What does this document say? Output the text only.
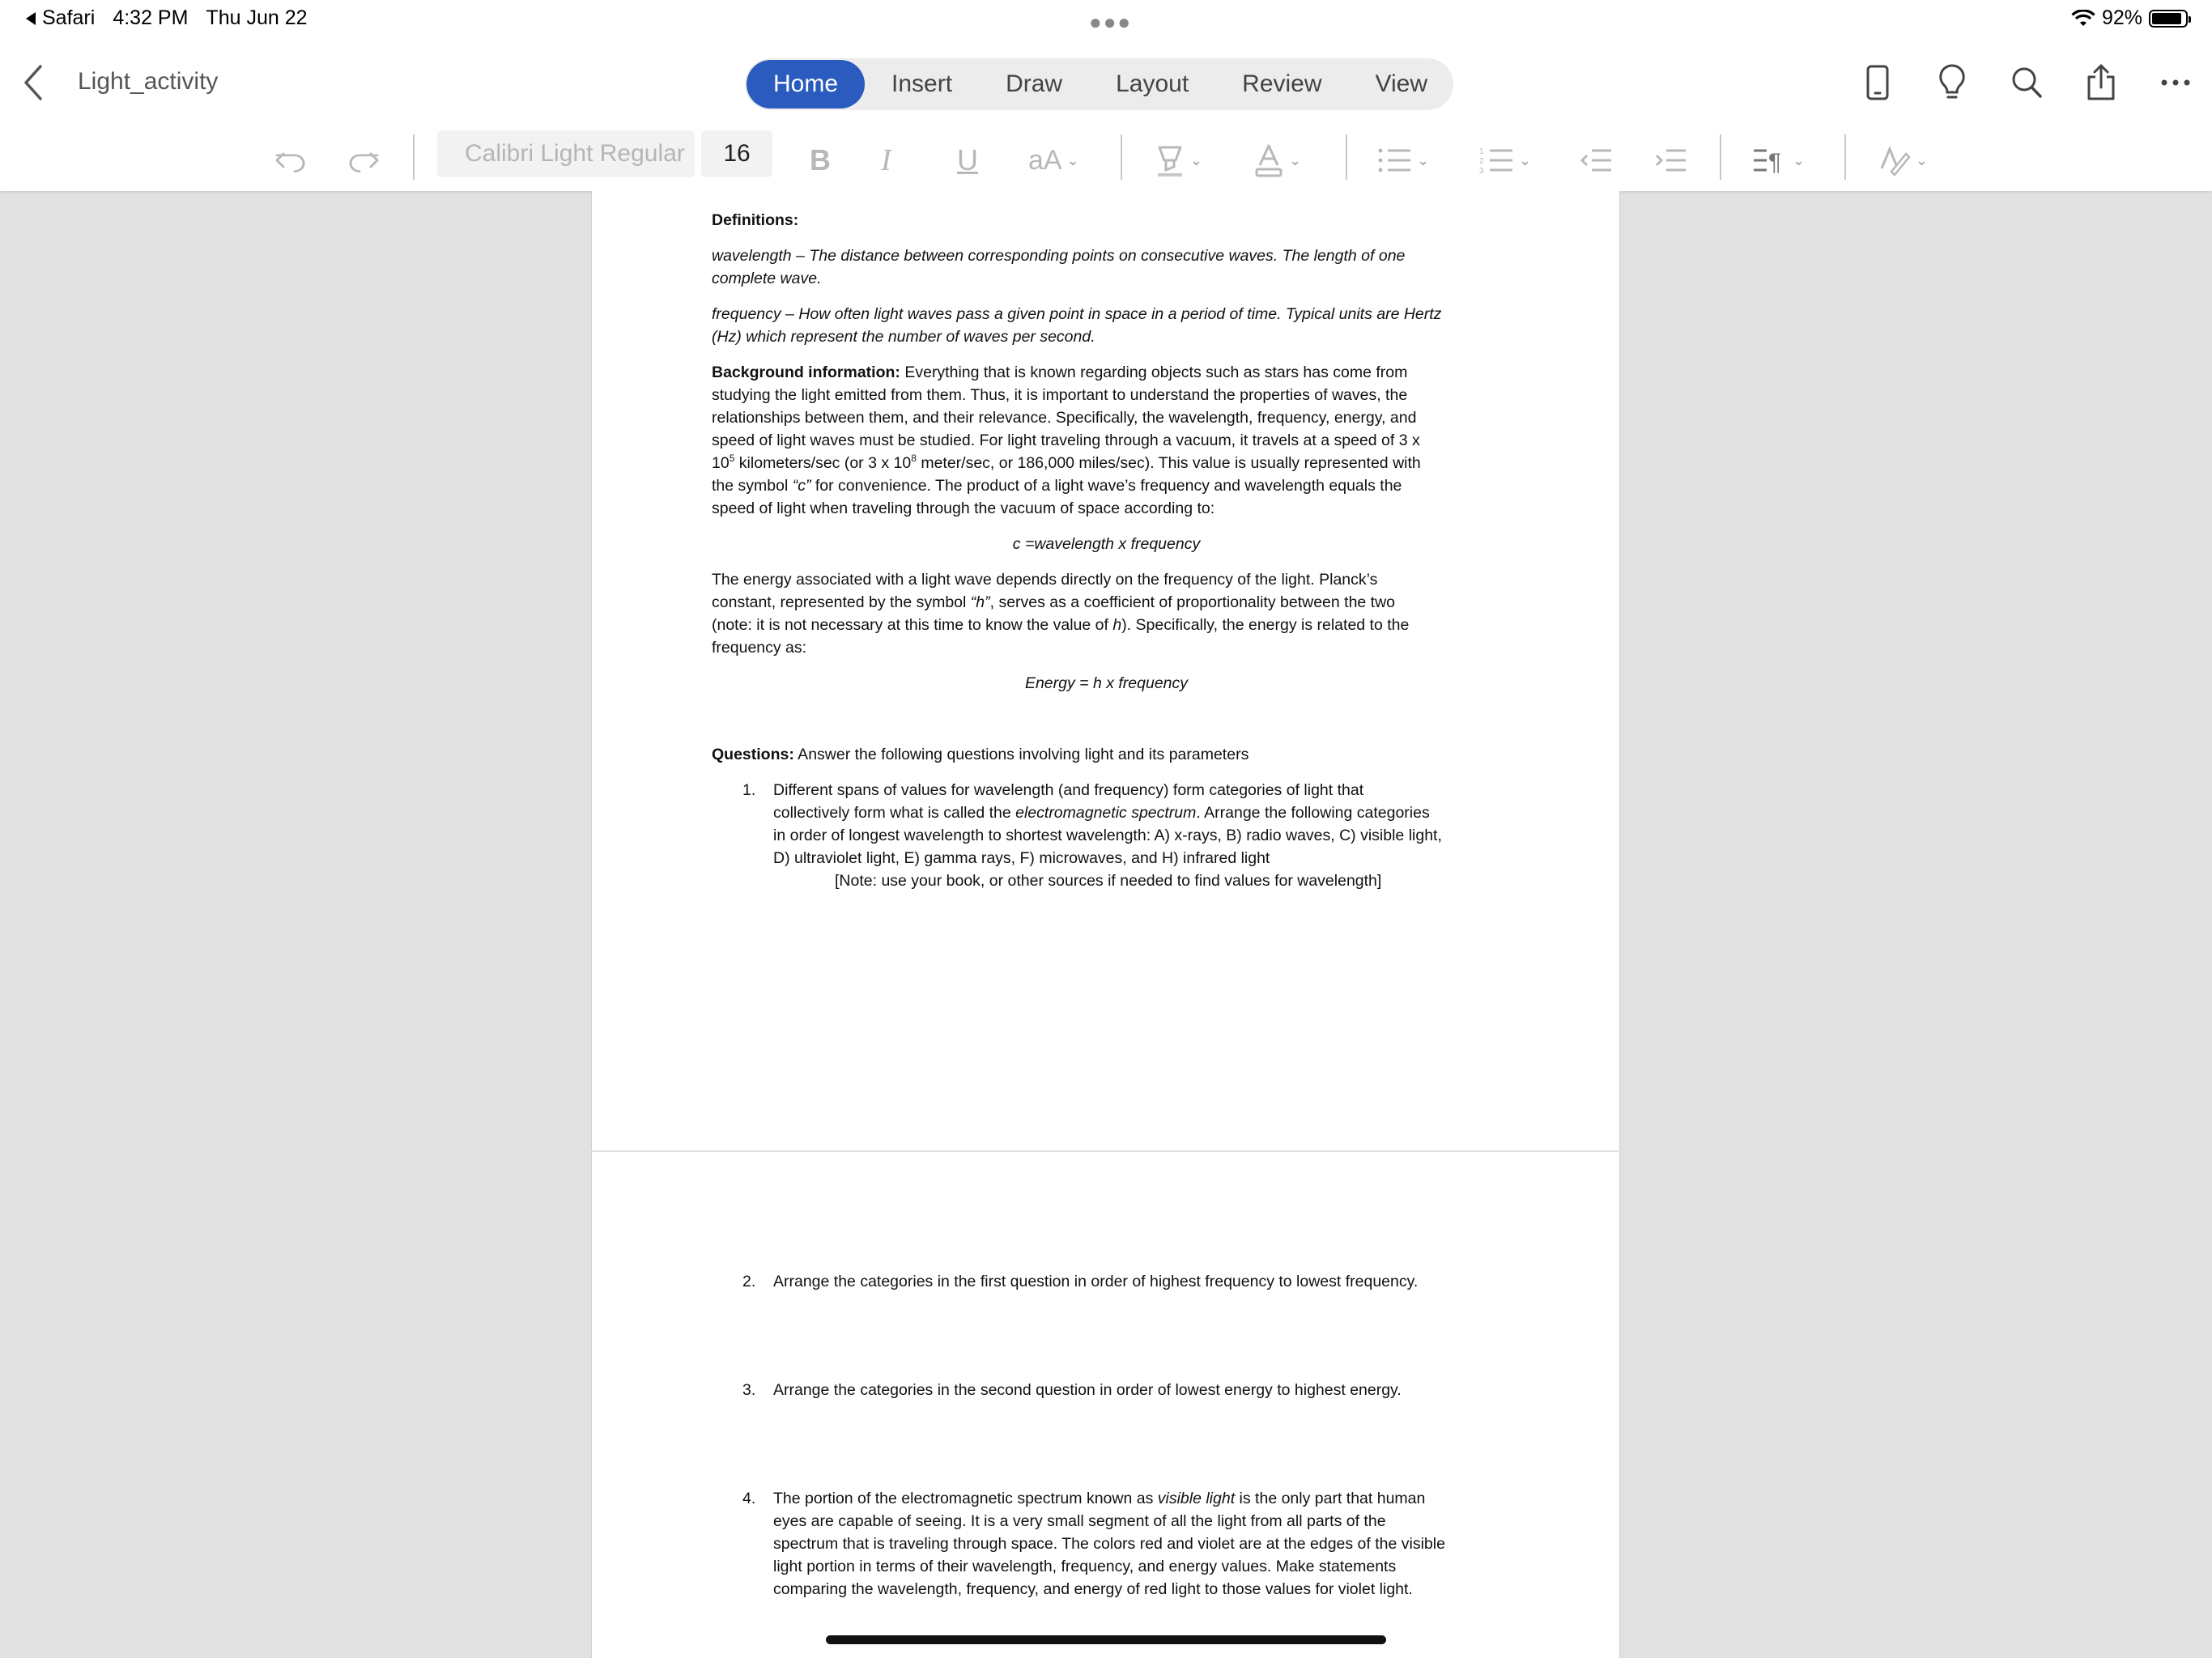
Safari 4:32 PM Thu Jun 22	●●●	92%
Light_activity	Home	Insert	Draw	Layout	Review	View
Calibri Light Regular	16	B I U aA ⌄	⌄	⌄	⌄	1
2
3
⌄	¶ ⌄	⌄

Definitions:

wavelength – The distance between corresponding points on consecutive waves. The length of one

complete wave.

frequency – How often light waves pass a given point in space in a period of time. Typical units are Hertz

(Hz) which represent the number of waves per second.

Background information: Everything that is known regarding objects such as stars has come from

studying the light emitted from them. Thus, it is important to understand the properties of waves, the

relationships between them, and their relevance. Specifically, the wavelength, frequency, energy, and

speed of light waves must be studied. For light traveling through a vacuum, it travels at a speed of 3 x

$10^5$ kilometers/sec (or 3 x $10^8$ meter/sec, or 186,000 miles/sec). This value is usually represented with

the symbol “c” for convenience. The product of a light wave’s frequency and wavelength equals the

speed of light when traveling through the vacuum of space according to:

c =wavelength x frequency

The energy associated with a light wave depends directly on the frequency of the light. Planck’s

constant, represented by the symbol “h”, serves as a coefficient of proportionality between the two

(note: it is not necessary at this time to know the value of h). Specifically, the energy is related to the

frequency as:

Energy = h x frequency

Questions: Answer the following questions involving light and its parameters

1. Different spans of values for wavelength (and frequency) form categories of light that

collectively form what is called the electromagnetic spectrum. Arrange the following categories

in order of longest wavelength to shortest wavelength: A) x-rays, B) radio waves, C) visible light,

D) ultraviolet light, E) gamma rays, F) microwaves, and H) infrared light

[Note: use your book, or other sources if needed to find values for wavelength]

2. Arrange the categories in the first question in order of highest frequency to lowest frequency.

3. Arrange the categories in the second question in order of lowest energy to highest energy.

4. The portion of the electromagnetic spectrum known as visible light is the only part that human

eyes are capable of seeing. It is a very small segment of all the light from all parts of the

spectrum that is traveling through space. The colors red and violet are at the edges of the visible

light portion in terms of their wavelength, frequency, and energy values. Make statements

comparing the wavelength, frequency, and energy of red light to those values for violet light.
